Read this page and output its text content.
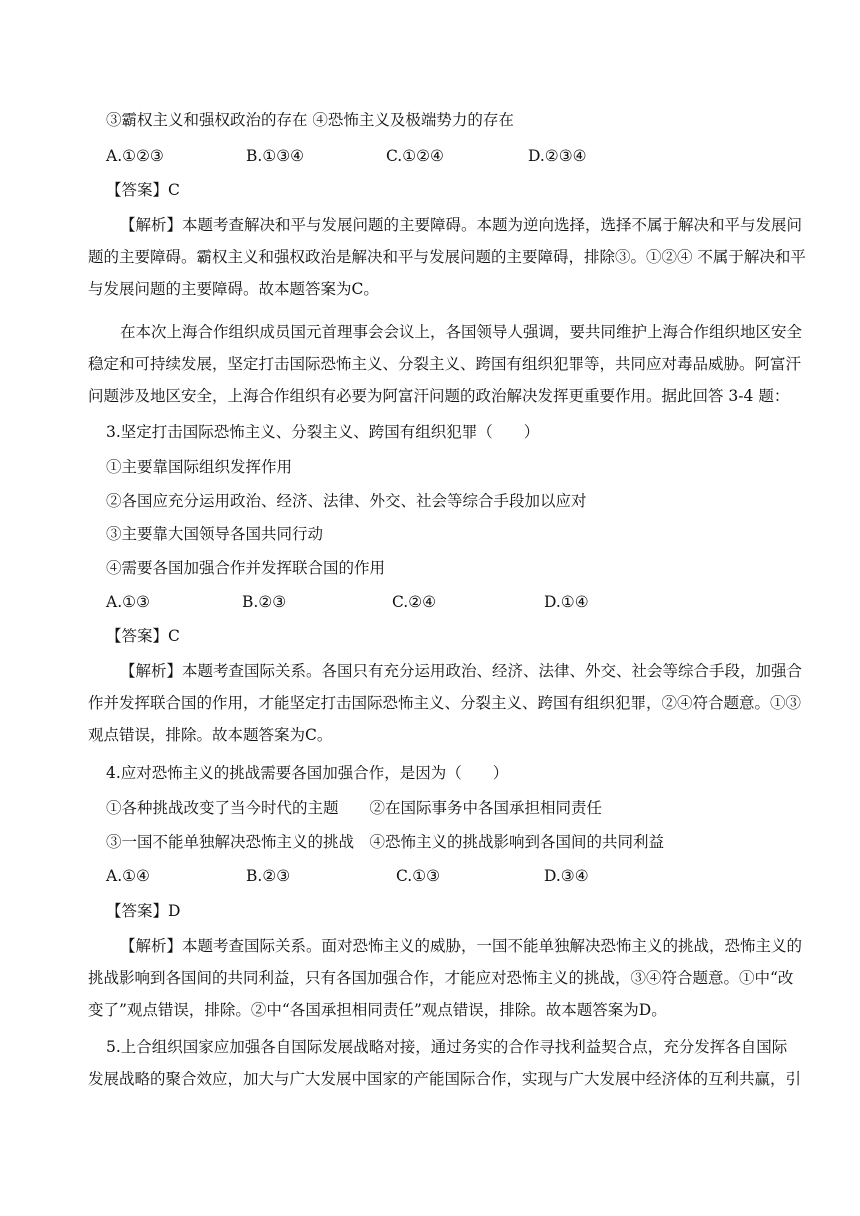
③霸权主义和强权政治的存在 ④恐怖主义及极端势力的存在
A.①②③	B.①③④	C.①②④	D.②③④
【答案】C
【解析】本题考查解决和平与发展问题的主要障碍。本题为逆向选择，选择不属于解决和平与发展问
题的主要障碍。霸权主义和强权政治是解决和平与发展问题的主要障碍，排除③。①②④ 不属于解决和平
与发展问题的主要障碍。故本题答案为C。
在本次上海合作组织成员国元首理事会会议上，各国领导人强调，要共同维护上海合作组织地区安全
稳定和可持续发展，坚定打击国际恐怖主义、分裂主义、跨国有组织犯罪等，共同应对毒品威胁。阿富汗
问题涉及地区安全，上海合作组织有必要为阿富汗问题的政治解决发挥更重要作用。据此回答 3-4 题：
3.坚定打击国际恐怖主义、分裂主义、跨国有组织犯罪（　　）
①主要靠国际组织发挥作用
②各国应充分运用政治、经济、法律、外交、社会等综合手段加以应对
③主要靠大国领导各国共同行动
④需要各国加强合作并发挥联合国的作用
A.①③	B.②③	C.②④	D.①④
【答案】C
【解析】本题考查国际关系。各国只有充分运用政治、经济、法律、外交、社会等综合手段，加强合
作并发挥联合国的作用，才能坚定打击国际恐怖主义、分裂主义、跨国有组织犯罪，②④符合题意。①③
观点错误，排除。故本题答案为C。
4.应对恐怖主义的挑战需要各国加强合作，是因为（　　）
①各种挑战改变了当今时代的主题　　②在国际事务中各国承担相同责任
③一国不能单独解决恐怖主义的挑战　④恐怖主义的挑战影响到各国间的共同利益
A.①④	B.②③	C.①③	D.③④
【答案】D
【解析】本题考查国际关系。面对恐怖主义的威胁，一国不能单独解决恐怖主义的挑战，恐怖主义的
挑战影响到各国间的共同利益，只有各国加强合作，才能应对恐怖主义的挑战，③④符合题意。①中“改
变了”观点错误，排除。②中“各国承担相同责任”观点错误，排除。故本题答案为D。
5.上合组织国家应加强各自国际发展战略对接，通过务实的合作寻找利益契合点，充分发挥各自国际
发展战略的聚合效应，加大与广大发展中国家的产能国际合作，实现与广大发展中经济体的互利共赢，引
